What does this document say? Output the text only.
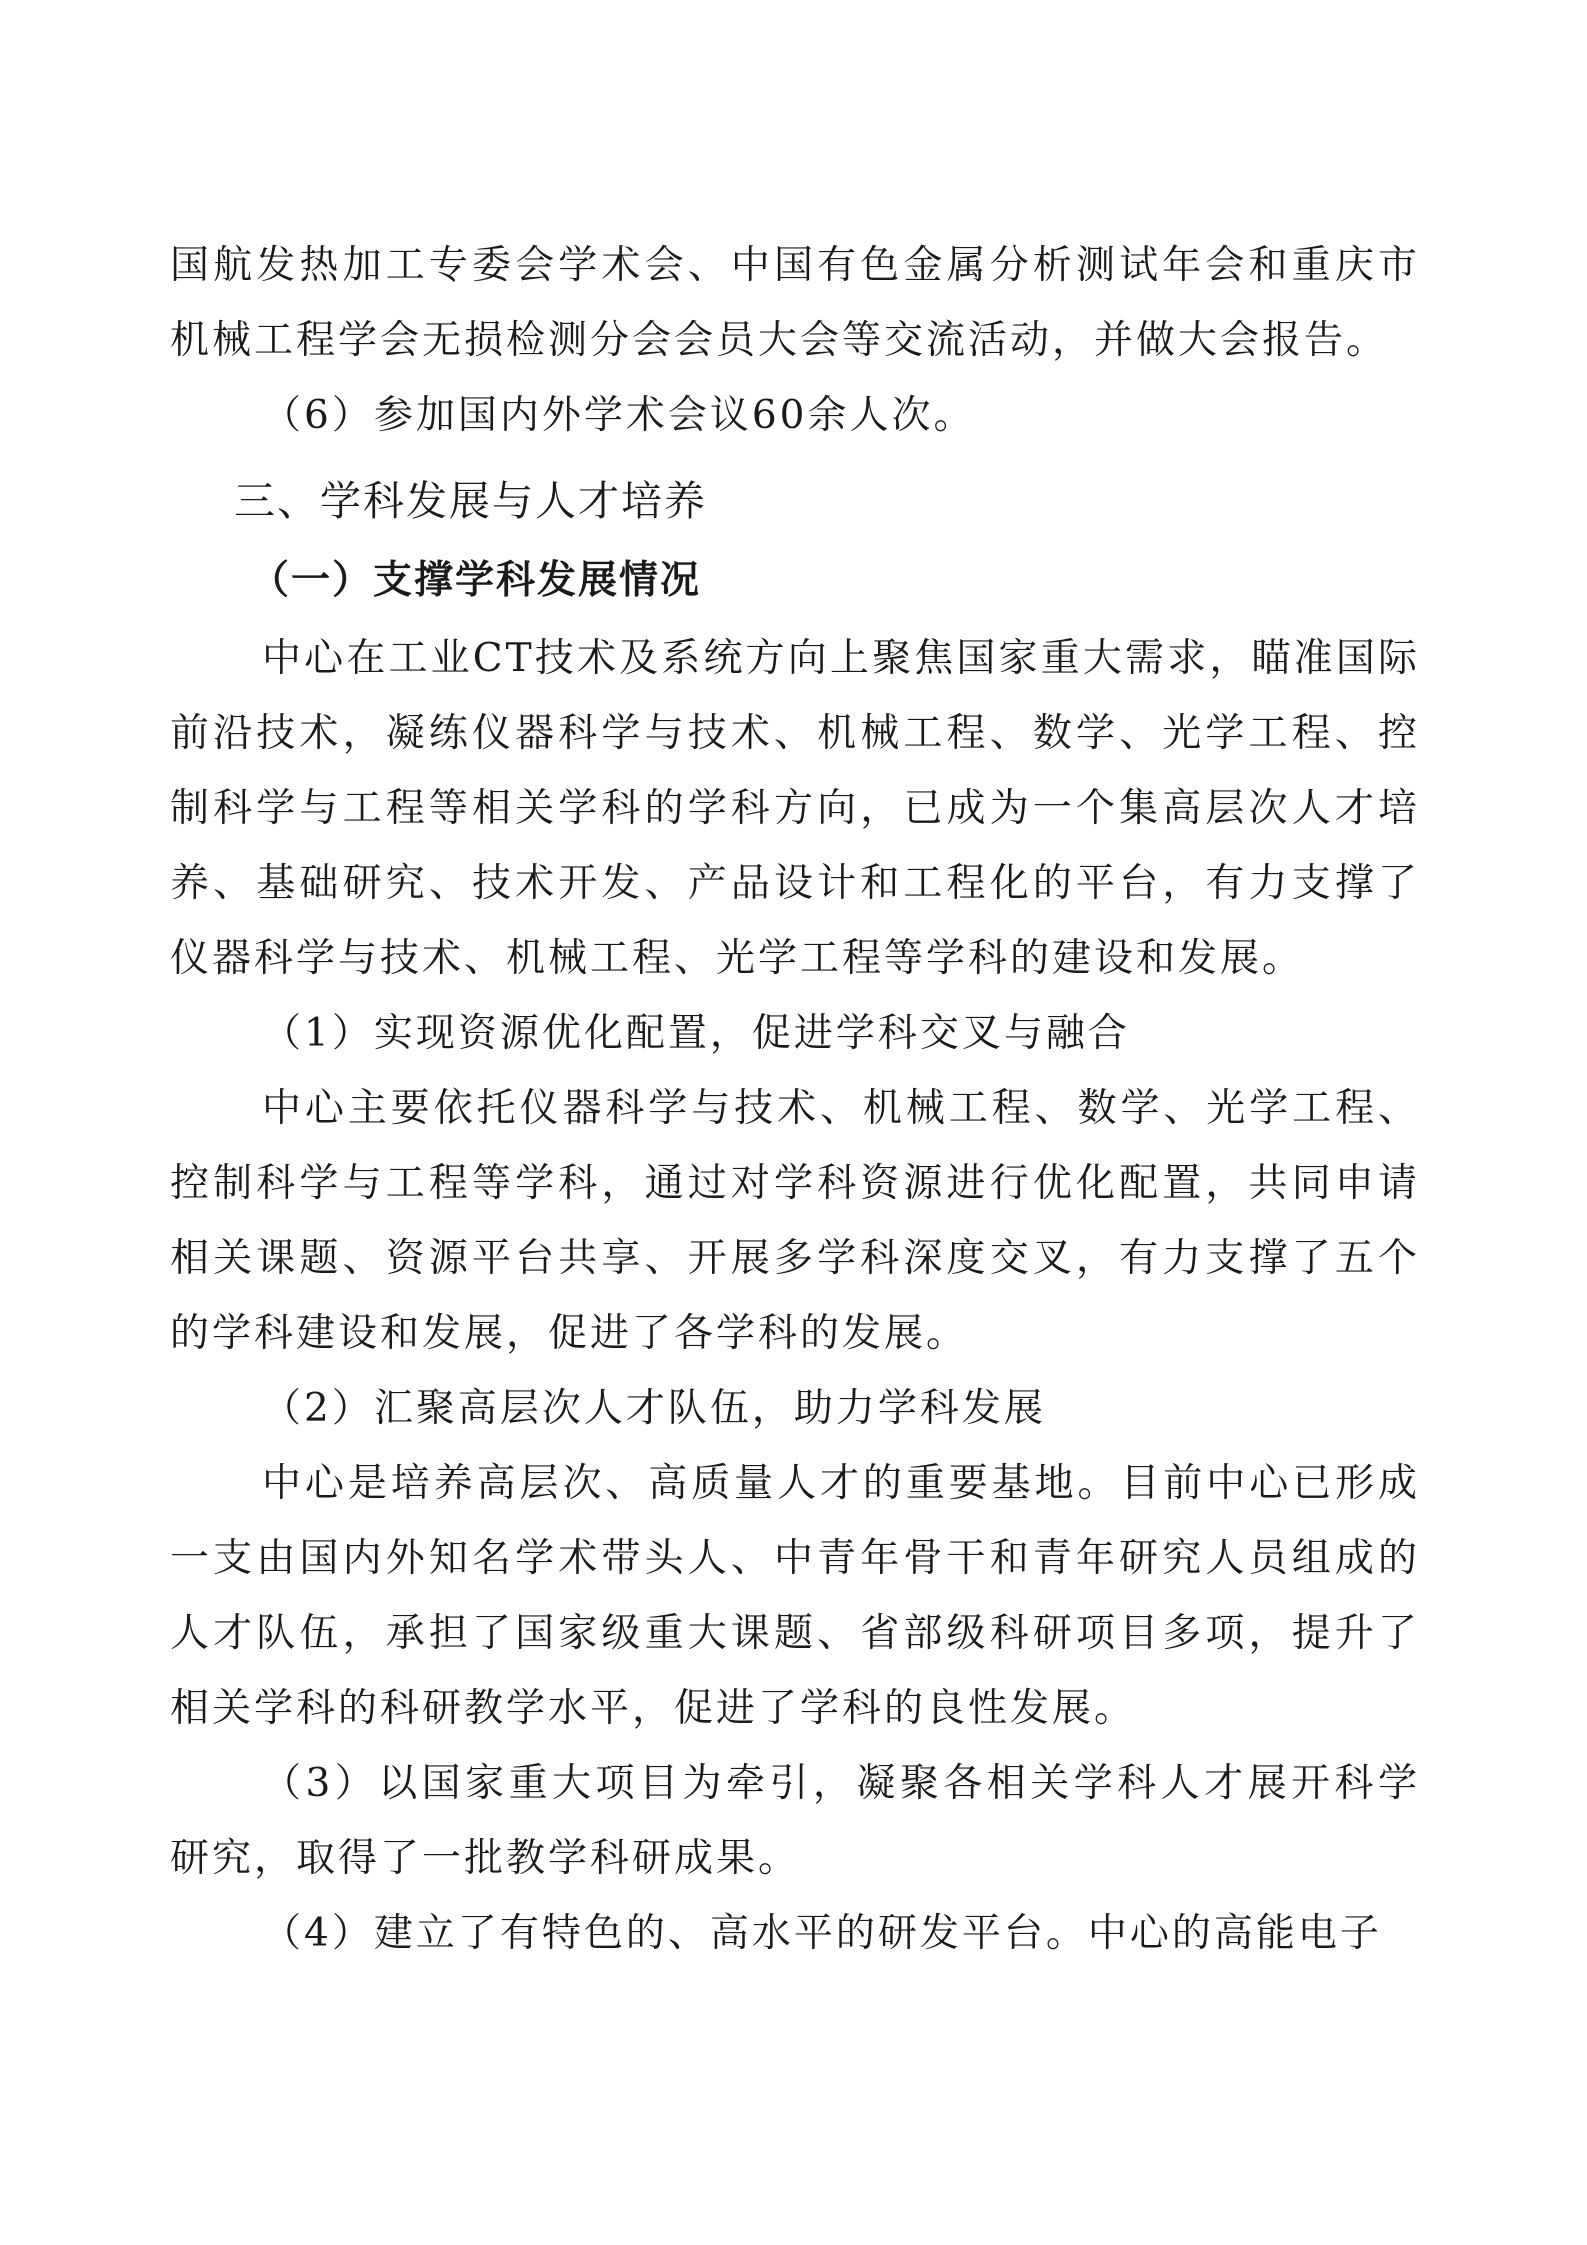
国航发热加工专委会学术会、中国有色金属分析测试年会和重庆市机械工程学会无损检测分会会员大会等交流活动，并做大会报告。

（6）参加国内外学术会议60余人次。

三、学科发展与人才培养
（一）支撑学科发展情况

中心在工业CT技术及系统方向上聚焦国家重大需求，瞄准国际前沿技术，凝练仪器科学与技术、机械工程、数学、光学工程、控制科学与工程等相关学科的学科方向，已成为一个集高层次人才培养、基础研究、技术开发、产品设计和工程化的平台，有力支撑了仪器科学与技术、机械工程、光学工程等学科的建设和发展。

（1）实现资源优化配置，促进学科交叉与融合

中心主要依托仪器科学与技术、机械工程、数学、光学工程、控制科学与工程等学科，通过对学科资源进行优化配置，共同申请相关课题、资源平台共享、开展多学科深度交叉，有力支撑了五个的学科建设和发展，促进了各学科的发展。

（2）汇聚高层次人才队伍，助力学科发展

中心是培养高层次、高质量人才的重要基地。目前中心已形成一支由国内外知名学术带头人、中青年骨干和青年研究人员组成的人才队伍，承担了国家级重大课题、省部级科研项目多项，提升了相关学科的科研教学水平，促进了学科的良性发展。

（3）以国家重大项目为牵引，凝聚各相关学科人才展开科学研究，取得了一批教学科研成果。

（4）建立了有特色的、高水平的研发平台。中心的高能电子
